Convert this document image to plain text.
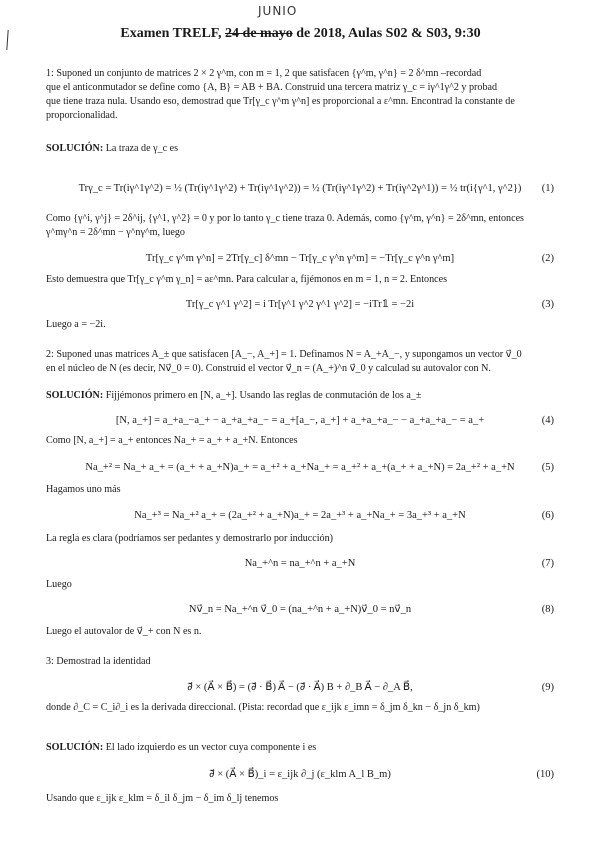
JUNIO
Examen TRELF, 24 de mayo de 2018, Aulas S02 & S03, 9:30
1: Suponed un conjunto de matrices 2 × 2 γ^m, con m = 1, 2 que satisfacen {γ^m, γ^n} = 2 δ^mn –recordad
que el anticonmutador se define como {A, B} = AB + BA. Construid una tercera matriz γ_c = iγ^1γ^2 y probad
que tiene traza nula. Usando eso, demostrad que Tr[γ_c γ^m γ^n] es proporcional a ε^mn. Encontrad la constante de
proporcionalidad.
SOLUCIÓN: La traza de γ_c es
Trγ_c = Tr(iγ^1γ^2) = ½ (Tr(iγ^1γ^2) + Tr(iγ^1γ^2)) = ½ (Tr(iγ^1γ^2) + Tr(iγ^2γ^1)) = ½ tr(i{γ^1, γ^2})	(1)
Como {γ^i, γ^j} = 2δ^ij, {γ^1, γ^2} = 0 y por lo tanto γ_c tiene traza 0. Además, como {γ^m, γ^n} = 2δ^mn, entonces
γ^mγ^n = 2δ^mn − γ^nγ^m, luego
Tr[γ_c γ^m γ^n] = 2Tr[γ_c] δ^mn − Tr[γ_c γ^n γ^m] = −Tr[γ_c γ^n γ^m]	(2)
Esto demuestra que Tr[γ_c γ^m γ_n] = aε^mn. Para calcular a, fijémonos en m = 1, n = 2. Entonces
Tr[γ_c γ^1 γ^2] = i Tr[γ^1 γ^2 γ^1 γ^2] = −iTr𝟙 = −2i	(3)
Luego a = −2i.
2: Suponed unas matrices A_± que satisfacen [A_−, A_+] = 1. Definamos N = A_+A_−, y supongamos un vector v⃗_0
en el núcleo de N (es decir, Nv⃗_0 = 0). Construid el vector v⃗_n = (A_+)^n v⃗_0 y calculad su autovalor con N.
SOLUCIÓN: Fijjémonos primero en [N, a_+]. Usando las reglas de conmutación de los a_±
[N, a_+] = a_+a_−a_+ − a_+a_+a_− = a_+[a_−, a_+] + a_+a_+a_− − a_+a_+a_− = a_+	(4)
Como [N, a_+] = a_+ entonces Na_+ = a_+ + a_+N. Entonces
Na_+² = Na_+ a_+ = (a_+ + a_+N)a_+ = a_+² + a_+Na_+ = a_+² + a_+(a_+ + a_+N) = 2a_+² + a_+N	(5)
Hagamos uno más
Na_+³ = Na_+² a_+ = (2a_+² + a_+N)a_+ = 2a_+³ + a_+Na_+ = 3a_+³ + a_+N	(6)
La regla es clara (podríamos ser pedantes y demostrarlo por inducción)
Na_+^n = na_+^n + a_+N	(7)
Luego
Nv⃗_n = Na_+^n v⃗_0 = (na_+^n + a_+N)v⃗_0 = nv⃗_n	(8)
Luego el autovalor de v⃗_+ con N es n.
3: Demostrad la identidad
∂⃗ × (A⃗ × B⃗) = (∂⃗ · B⃗) A⃗ − (∂⃗ · A⃗) B + ∂_B A⃗ − ∂_A B⃗,	(9)
donde ∂_C = C_i∂_i es la derivada direccional. (Pista: recordad que ε_ijk ε_imn = δ_jm δ_kn − δ_jn δ_km)
SOLUCIÓN: El lado izquierdo es un vector cuya componente i es
∂⃗ × (A⃗ × B⃗)_i = ε_ijk ∂_j (ε_klm A_l B_m)	(10)
Usando que ε_ijk ε_klm = δ_il δ_jm − δ_im δ_lj tenemos
